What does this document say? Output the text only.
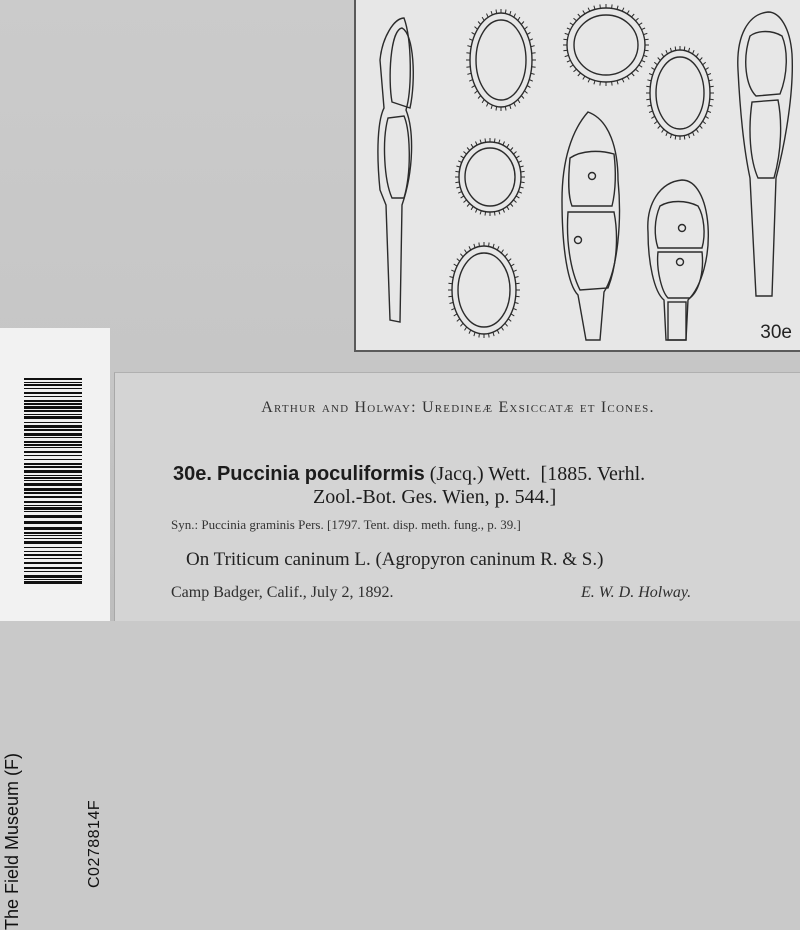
30e
The Field Museum (F)	C0278814F
Arthur and Holway: Uredineæ Exsiccatæ et Icones.
30e. Puccinia poculiformis (Jacq.) Wett. [1885. Verhl.
Zool.-Bot. Ges. Wien, p. 544.]
Syn.: Puccinia graminis Pers. [1797. Tent. disp. meth. fung., p. 39.]
On Triticum caninum L. (Agropyron caninum R. & S.)
Camp Badger, Calif., July 2, 1892.	E. W. D. Holway.
